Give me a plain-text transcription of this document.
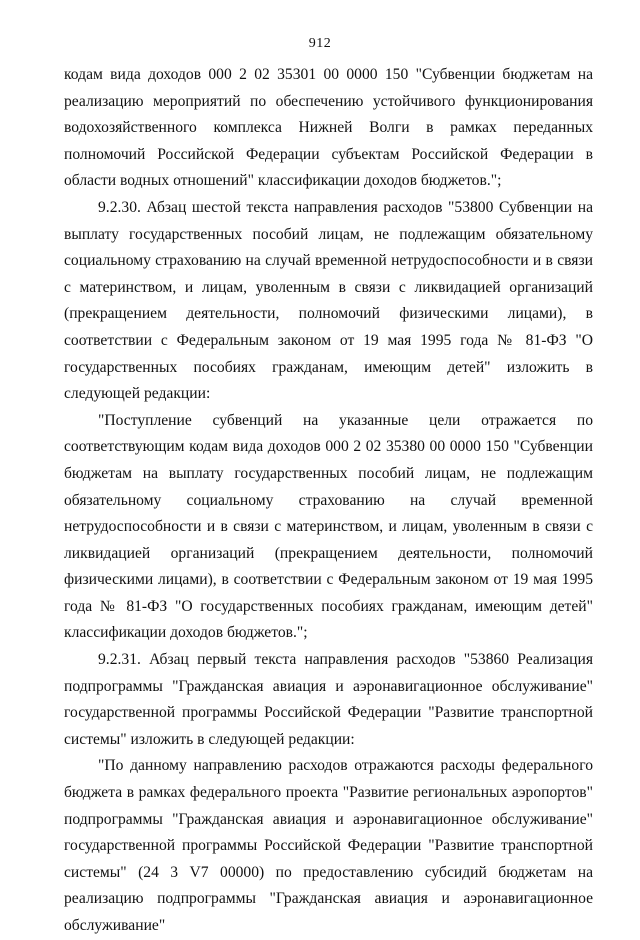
912

кодам вида доходов 000 2 02 35301 00 0000 150 "Субвенции бюджетам на реализацию мероприятий по обеспечению устойчивого функционирования водохозяйственного комплекса Нижней Волги в рамках переданных полномочий Российской Федерации субъектам Российской Федерации в области водных отношений" классификации доходов бюджетов.";

9.2.30. Абзац шестой текста направления расходов "53800 Субвенции на выплату государственных пособий лицам, не подлежащим обязательному социальному страхованию на случай временной нетрудоспособности и в связи с материнством, и лицам, уволенным в связи с ликвидацией организаций (прекращением деятельности, полномочий физическими лицами), в соответствии с Федеральным законом от 19 мая 1995 года № 81-ФЗ "О государственных пособиях гражданам, имеющим детей" изложить в следующей редакции:

"Поступление субвенций на указанные цели отражается по соответствующим кодам вида доходов 000 2 02 35380 00 0000 150 "Субвенции бюджетам на выплату государственных пособий лицам, не подлежащим обязательному социальному страхованию на случай временной нетрудоспособности и в связи с материнством, и лицам, уволенным в связи с ликвидацией организаций (прекращением деятельности, полномочий физическими лицами), в соответствии с Федеральным законом от 19 мая 1995 года № 81-ФЗ "О государственных пособиях гражданам, имеющим детей" классификации доходов бюджетов.";

9.2.31. Абзац первый текста направления расходов "53860 Реализация подпрограммы "Гражданская авиация и аэронавигационное обслуживание" государственной программы Российской Федерации "Развитие транспортной системы" изложить в следующей редакции:

"По данному направлению расходов отражаются расходы федерального бюджета в рамках федерального проекта "Развитие региональных аэропортов" подпрограммы "Гражданская авиация и аэронавигационное обслуживание" государственной программы Российской Федерации "Развитие транспортной системы" (24 3 V7 00000) по предоставлению субсидий бюджетам на реализацию подпрограммы "Гражданская авиация и аэронавигационное обслуживание"
